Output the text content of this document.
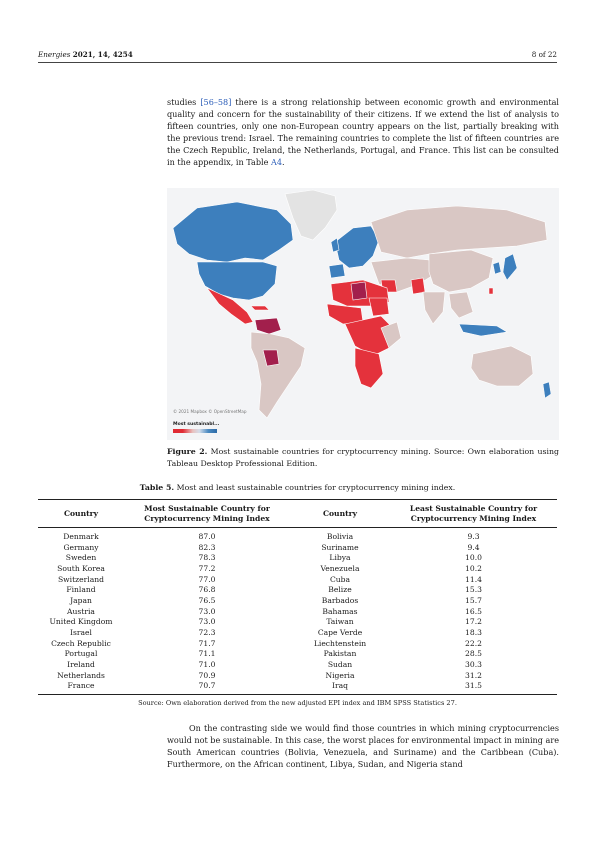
Energies 2021, 14, 4254	8 of 22
studies [56–58] there is a strong relationship between economic growth and environmental quality and concern for the sustainability of their citizens. If we extend the list of analysis to fifteen countries, only one non-European country appears on the list, partially breaking with the previous trend: Israel. The remaining countries to complete the list of fifteen countries are the Czech Republic, Ireland, the Netherlands, Portugal, and France. This list can be consulted in the appendix, in Table A4.
© 2021 Mapbox © OpenStreetMap
Most sustainabl...
Figure 2. Most sustainable countries for cryptocurrency mining. Source: Own elaboration using Tableau Desktop Professional Edition.
Table 5. Most and least sustainable countries for cryptocurrency mining index.
Country	Most Sustainable Country for Cryptocurrency Mining Index	Country	Least Sustainable Country for Cryptocurrency Mining Index
Denmark	87.0	Bolivia	9.3
Germany	82.3	Suriname	9.4
Sweden	78.3	Libya	10.0
South Korea	77.2	Venezuela	10.2
Switzerland	77.0	Cuba	11.4
Finland	76.8	Belize	15.3
Japan	76.5	Barbados	15.7
Austria	73.0	Bahamas	16.5
United Kingdom	73.0	Taiwan	17.2
Israel	72.3	Cape Verde	18.3
Czech Republic	71.7	Liechtenstein	22.2
Portugal	71.1	Pakistan	28.5
Ireland	71.0	Sudan	30.3
Netherlands	70.9	Nigeria	31.2
France	70.7	Iraq	31.5
Source: Own elaboration derived from the new adjusted EPI index and IBM SPSS Statistics 27.
On the contrasting side we would find those countries in which mining cryptocurrencies would not be sustainable. In this case, the worst places for environmental impact in mining are South American countries (Bolivia, Venezuela, and Suriname) and the Caribbean (Cuba). Furthermore, on the African continent, Libya, Sudan, and Nigeria stand
